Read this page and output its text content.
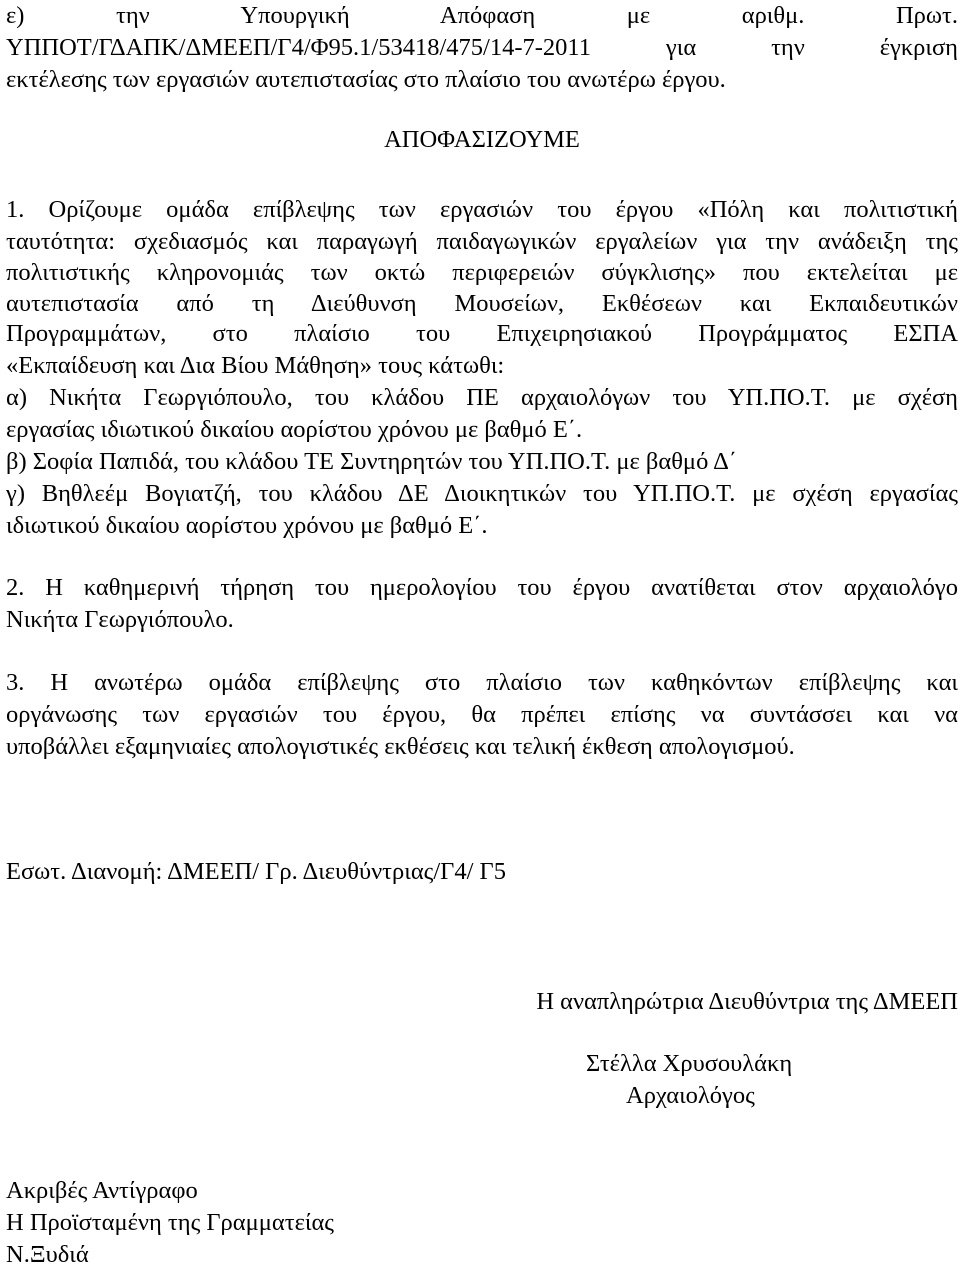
ε) την Υπουργική Απόφαση με αριθμ. Πρωτ.
ΥΠΠΟΤ/ΓΔΑΠΚ/ΔΜΕΕΠ/Γ4/Φ95.1/53418/475/14-7-2011 για την έγκριση
εκτέλεσης των εργασιών αυτεπιστασίας στο πλαίσιο του ανωτέρω έργου.
ΑΠΟΦΑΣΙΖΟΥΜΕ
1. Ορίζουμε ομάδα επίβλεψης των εργασιών του έργου «Πόλη και πολιτιστική
ταυτότητα: σχεδιασμός και παραγωγή παιδαγωγικών εργαλείων για την ανάδειξη της
πολιτιστικής κληρονομιάς των οκτώ περιφερειών σύγκλισης» που εκτελείται με
αυτεπιστασία από τη Διεύθυνση Μουσείων, Εκθέσεων και Εκπαιδευτικών
Προγραμμάτων, στο πλαίσιο του Επιχειρησιακού Προγράμματος ΕΣΠΑ
«Εκπαίδευση και Δια Βίου Μάθηση» τους κάτωθι:
α) Νικήτα Γεωργιόπουλο, του κλάδου ΠΕ αρχαιολόγων του ΥΠ.ΠΟ.Τ. με σχέση
εργασίας ιδιωτικού δικαίου αορίστου χρόνου με βαθμό Ε΄.
β) Σοφία Παπιδά, του κλάδου ΤΕ Συντηρητών του ΥΠ.ΠΟ.Τ. με βαθμό Δ΄
γ) Βηθλεέμ Βογιατζή, του κλάδου ΔΕ Διοικητικών του ΥΠ.ΠΟ.Τ. με σχέση εργασίας
ιδιωτικού δικαίου αορίστου χρόνου με βαθμό Ε΄.
2. Η καθημερινή τήρηση του ημερολογίου του έργου ανατίθεται στον αρχαιολόγο
Νικήτα Γεωργιόπουλο.
3. Η ανωτέρω ομάδα επίβλεψης στο πλαίσιο των καθηκόντων επίβλεψης και
οργάνωσης των εργασιών του έργου, θα πρέπει επίσης να συντάσσει και να
υποβάλλει εξαμηνιαίες απολογιστικές εκθέσεις και τελική έκθεση απολογισμού.
Εσωτ. Διανομή: ΔΜΕΕΠ/ Γρ. Διευθύντριας/Γ4/ Γ5
Η αναπληρώτρια Διευθύντρια της ΔΜΕΕΠ
Στέλλα Χρυσουλάκη
Αρχαιολόγος
Ακριβές Αντίγραφο
Η Προϊσταμένη της Γραμματείας
Ν.Ξυδιά
